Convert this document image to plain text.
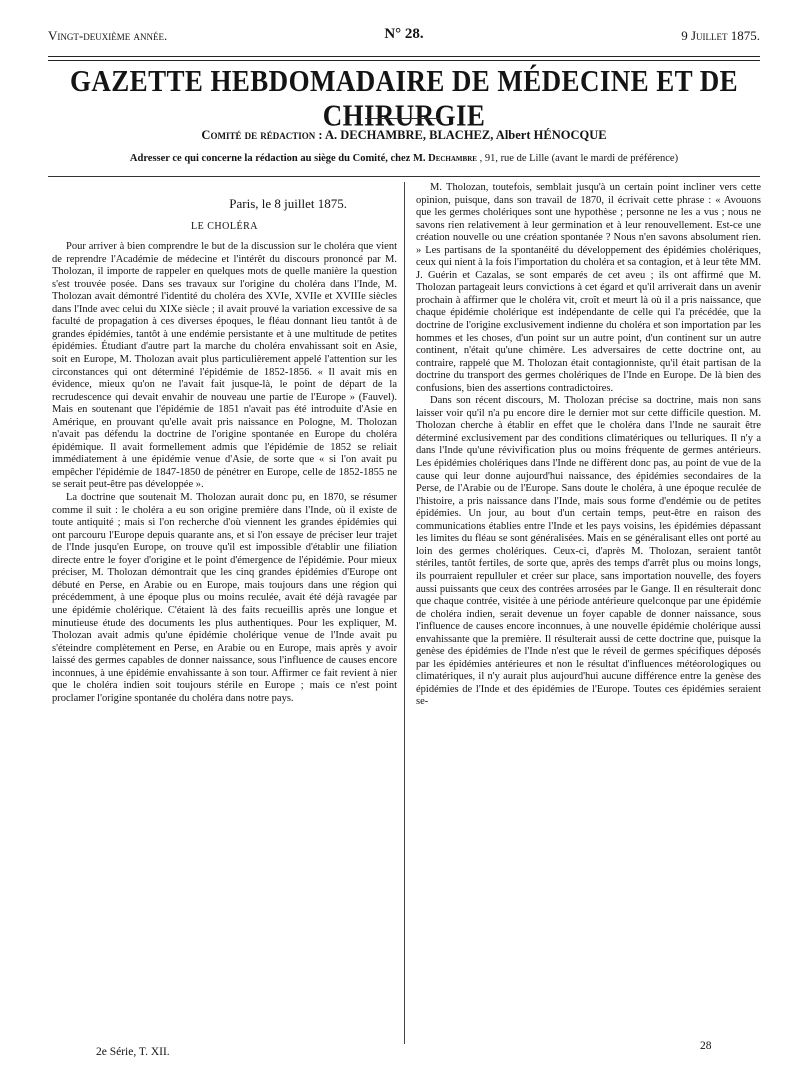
Vingt-deuxième année.	N° 28.	9 Juillet 1875.
GAZETTE HEBDOMADAIRE DE MÉDECINE ET DE CHIRURGIE
Comité de rédaction : A. DECHAMBRE, BLACHEZ, Albert HÉNOCQUE
Adresser ce qui concerne la rédaction au siège du Comité, chez M. Dechambre , 91, rue de Lille (avant le mardi de préférence)
Paris, le 8 juillet 1875.
LE CHOLÉRA

Pour arriver à bien comprendre le but de la discussion sur le choléra que vient de reprendre l'Académie de médecine et l'intérêt du discours prononcé par M. Tholozan, il importe de rappeler en quelques mots de quelle manière la question s'est trouvée posée. Dans ses travaux sur l'origine du choléra dans l'Inde, M. Tholozan avait démontré l'identité du choléra des XVIe, XVIIe et XVIIIe siècles dans l'Inde avec celui du XIXe siècle ; il avait prouvé la variation excessive de sa faculté de propagation à ces diverses époques, le fléau donnant lieu tantôt à de grandes épidémies, tantôt à une endémie persistante et à une multitude de petites épidémies. Étudiant d'autre part la marche du choléra envahissant soit en Asie, soit en Europe, M. Tholozan avait plus particulièrement appelé l'attention sur les circonstances qui ont déterminé l'épidémie de 1852-1856. « Il avait mis en évidence, mieux qu'on ne l'avait fait jusque-là, le point de départ de la recrudescence qui devait envahir de nouveau une partie de l'Europe » (Fauvel). Mais en soutenant que l'épidémie de 1851 n'avait pas été introduite d'Asie en Amérique, en prouvant qu'elle avait pris naissance en Pologne, M. Tholozan n'avait pas défendu la doctrine de l'origine spontanée en Europe du choléra épidémique. Il avait formellement admis que l'épidémie de 1852 se reliait immédiatement à une épidémie venue d'Asie, de sorte que « si l'on avait pu empêcher l'épidémie de 1847-1850 de pénétrer en Europe, celle de 1852-1855 ne se serait peut-être pas développée ».

La doctrine que soutenait M. Tholozan aurait donc pu, en 1870, se résumer comme il suit : le choléra a eu son origine première dans l'Inde, où il existe de toute antiquité ; mais si l'on recherche d'où viennent les grandes épidémies qui ont parcouru l'Europe depuis quarante ans, et si l'on essaye de préciser leur trajet de l'Inde jusqu'en Europe, on trouve qu'il est impossible d'établir une filiation directe entre le foyer d'origine et le point d'émergence de l'épidémie. Pour mieux préciser, M. Tholozan démontrait que les cinq grandes épidémies d'Europe ont débuté en Perse, en Arabie ou en Europe, mais toujours dans une région qui précédemment, à une époque plus ou moins reculée, avait été déjà ravagée par une épidémie cholérique. C'étaient là des faits recueillis après une longue et minutieuse étude des documents les plus authentiques. Pour les expliquer, M. Tholozan avait admis qu'une épidémie cholérique venue de l'Inde avait pu s'éteindre complètement en Perse, en Arabie ou en Europe, mais après y avoir laissé des germes capables de donner naissance, sous l'influence de causes encore inconnues, à une épidémie envahissante à son tour. Affirmer ce fait revient à nier que le choléra indien soit toujours stérile en Europe ; mais ce n'est point proclamer l'origine spontanée du choléra dans notre pays.

M. Tholozan, toutefois, semblait jusqu'à un certain point incliner vers cette opinion, puisque, dans son travail de 1870, il écrivait cette phrase : « Avouons que les germes cholériques sont une hypothèse ; personne ne les a vus ; nous ne savons rien relativement à leur germination et à leur renouvellement. Est-ce une création nouvelle ou une création spontanée ? Nous n'en savons absolument rien. » Les partisans de la spontanéité du développement des épidémies cholériques, ceux qui nient à la fois l'importation du choléra et sa contagion, et à leur tête MM. J. Guérin et Cazalas, se sont emparés de cet aveu ; ils ont affirmé que M. Tholozan partageait leurs convictions à cet égard et qu'il arriverait dans un avenir prochain à affirmer que le choléra vit, croît et meurt là où il a pris naissance, que chaque épidémie cholérique est indépendante de celle qui l'a précédée, que la doctrine de l'origine exclusivement indienne du choléra et son importation par les hommes et les choses, d'un point sur un autre point, d'un continent sur un autre continent, n'était qu'une chimère. Les adversaires de cette doctrine ont, au contraire, rappelé que M. Tholozan était contagionniste, qu'il était partisan de la doctrine du transport des germes cholériques de l'Inde en Europe. De là bien des confusions, bien des assertions contradictoires.

Dans son récent discours, M. Tholozan précise sa doctrine, mais non sans laisser voir qu'il n'a pu encore dire le dernier mot sur cette difficile question. M. Tholozan cherche à établir en effet que le choléra dans l'Inde ne saurait être déterminé exclusivement par des conditions climatériques ou telluriques. Il n'y a dans l'Inde qu'une révivification plus ou moins fréquente de germes antérieurs. Les épidémies cholériques dans l'Inde ne diffèrent donc pas, au point de vue de la cause qui leur donne aujourd'hui naissance, des épidémies secondaires de la Perse, de l'Arabie ou de l'Europe. Sans doute le choléra, à une époque reculée de l'histoire, a pris naissance dans l'Inde, mais sous forme d'endémie ou de petites épidémies. Un jour, au bout d'un certain temps, peut-être en raison des communications établies entre l'Inde et les pays voisins, les épidémies dépassant les limites du fléau se sont généralisées. Mais en se généralisant elles ont porté au loin des germes cholériques. Ceux-ci, d'après M. Tholozan, seraient tantôt stériles, tantôt fertiles, de sorte que, après des temps d'arrêt plus ou moins longs, ils pourraient repulluler et créer sur place, sans importation nouvelle, des foyers aussi puissants que ceux des contrées arrosées par le Gange. Il en résulterait donc que chaque contrée, visitée à une période antérieure quelconque par une épidémie de choléra indien, serait devenue un foyer capable de donner naissance, sous l'influence de causes encore inconnues, à une nouvelle épidémie cholérique aussi envahissante que la première. Il résulterait aussi de cette doctrine que, puisque la genèse des épidémies de l'Inde n'est que le réveil de germes spécifiques déposés par les épidémies antérieures et non le résultat d'influences météorologiques ou climatériques, il n'y aurait plus aujourd'hui aucune différence entre la genèse des épidémies de l'Inde et des épidémies de l'Europe. Toutes ces épidémies seraient se-

2e Série, T. XII.	28
